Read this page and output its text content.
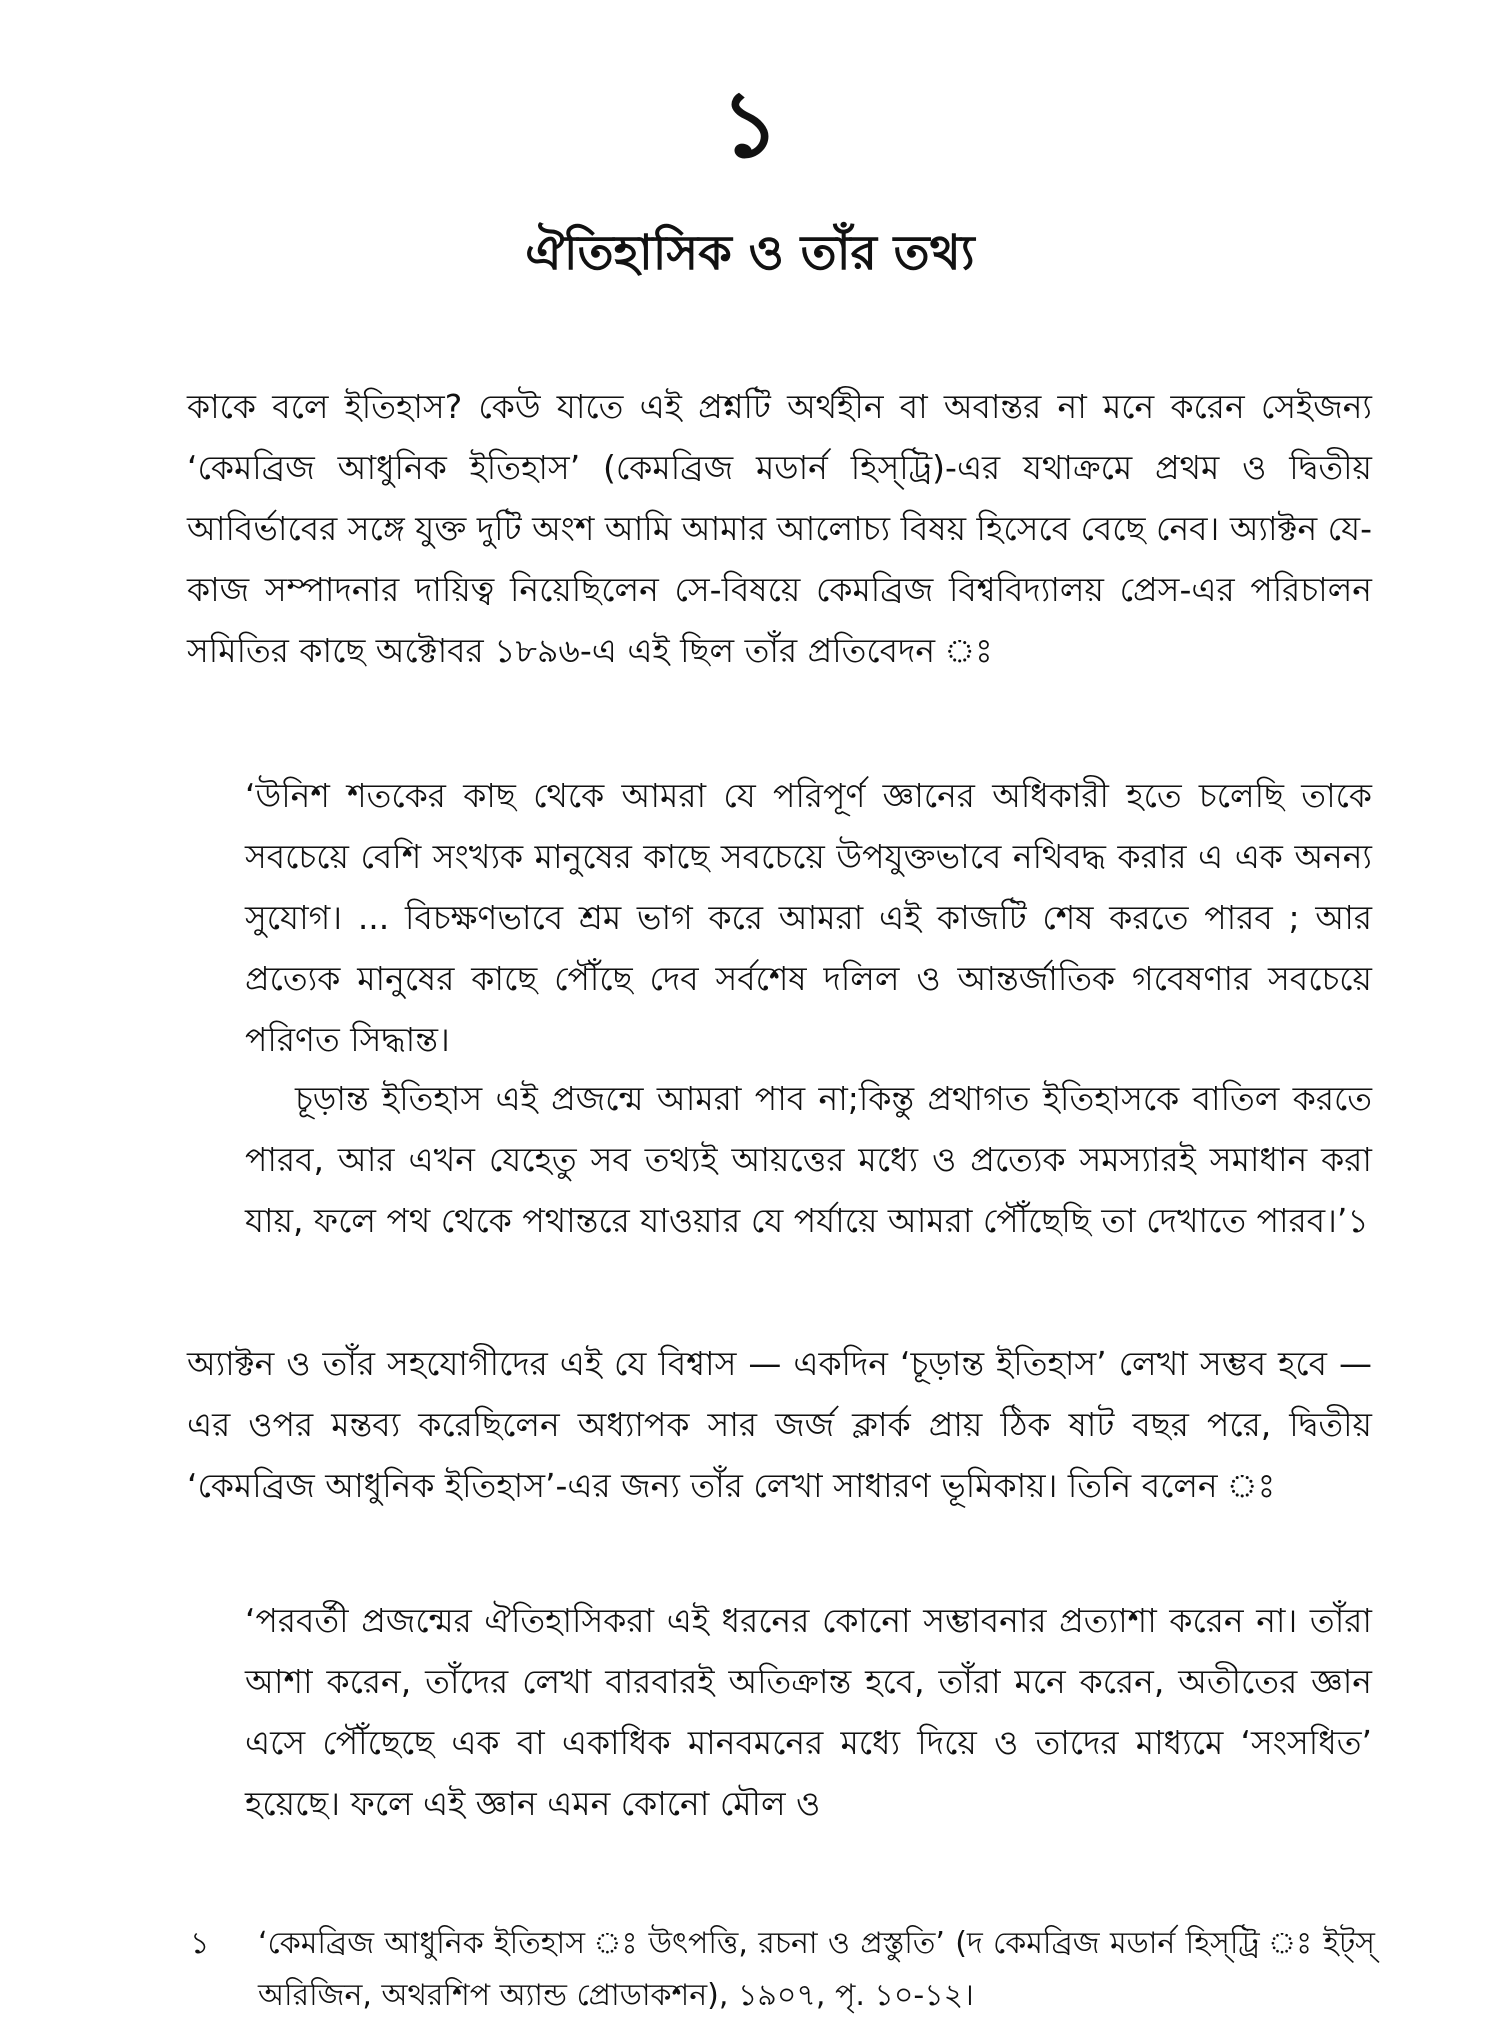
১
ঐতিহাসিক ও তাঁর তথ্য

কাকে বলে ইতিহাস? কেউ যাতে এই প্রশ্নটি অর্থহীন বা অবান্তর না মনে করেন সেইজন্য ‘কেমব্রিজ আধুনিক ইতিহাস’ (কেমব্রিজ মডার্ন হিস্‌ট্রি)-এর যথাক্রমে প্রথম ও দ্বিতীয় আবির্ভাবের সঙ্গে যুক্ত দুটি অংশ আমি আমার আলোচ্য বিষয় হিসেবে বেছে নেব। অ্যাক্টন যে-কাজ সম্পাদনার দায়িত্ব নিয়েছিলেন সে-বিষয়ে কেমব্রিজ বিশ্ববিদ্যালয় প্রেস-এর পরিচালন সমিতির কাছে অক্টোবর ১৮৯৬-এ এই ছিল তাঁর প্রতিবেদন ঃ

‘উনিশ শতকের কাছ থেকে আমরা যে পরিপূর্ণ জ্ঞানের অধিকারী হতে চলেছি তাকে সবচেয়ে বেশি সংখ্যক মানুষের কাছে সবচেয়ে উপযুক্তভাবে নথিবদ্ধ করার এ এক অনন্য সুযোগ। ... বিচক্ষণভাবে শ্রম ভাগ করে আমরা এই কাজটি শেষ করতে পারব ; আর প্রত্যেক মানুষের কাছে পৌঁছে দেব সর্বশেষ দলিল ও আন্তর্জাতিক গবেষণার সবচেয়ে পরিণত সিদ্ধান্ত।

চূড়ান্ত ইতিহাস এই প্রজন্মে আমরা পাব না;কিন্তু প্রথাগত ইতিহাসকে বাতিল করতে পারব, আর এখন যেহেতু সব তথ্যই আয়ত্তের মধ্যে ও প্রত্যেক সমস্যারই সমাধান করা যায়, ফলে পথ থেকে পথান্তরে যাওয়ার যে পর্যায়ে আমরা পৌঁছেছি তা দেখাতে পারব।’১

অ্যাক্টন ও তাঁর সহযোগীদের এই যে বিশ্বাস — একদিন ‘চূড়ান্ত ইতিহাস’ লেখা সম্ভব হবে — এর ওপর মন্তব্য করেছিলেন অধ্যাপক সার জর্জ ক্লার্ক প্রায় ঠিক ষাট বছর পরে, দ্বিতীয় ‘কেমব্রিজ আধুনিক ইতিহাস’-এর জন্য তাঁর লেখা সাধারণ ভূমিকায়। তিনি বলেন ঃ

‘পরবর্তী প্রজন্মের ঐতিহাসিকরা এই ধরনের কোনো সম্ভাবনার প্রত্যাশা করেন না। তাঁরা আশা করেন, তাঁদের লেখা বারবারই অতিক্রান্ত হবে, তাঁরা মনে করেন, অতীতের জ্ঞান এসে পৌঁছেছে এক বা একাধিক মানবমনের মধ্যে দিয়ে ও তাদের মাধ্যমে ‘সংসধিত’ হয়েছে। ফলে এই জ্ঞান এমন কোনো মৌল ও

১ ‘কেমব্রিজ আধুনিক ইতিহাস ঃ উৎপত্তি, রচনা ও প্রস্তুতি’ (দ কেমব্রিজ মডার্ন হিস্‌ট্রি ঃ ইট্‌স্‌ অরিজিন, অথরশিপ অ্যান্ড প্রোডাকশন), ১৯০৭, পৃ. ১০-১২।
